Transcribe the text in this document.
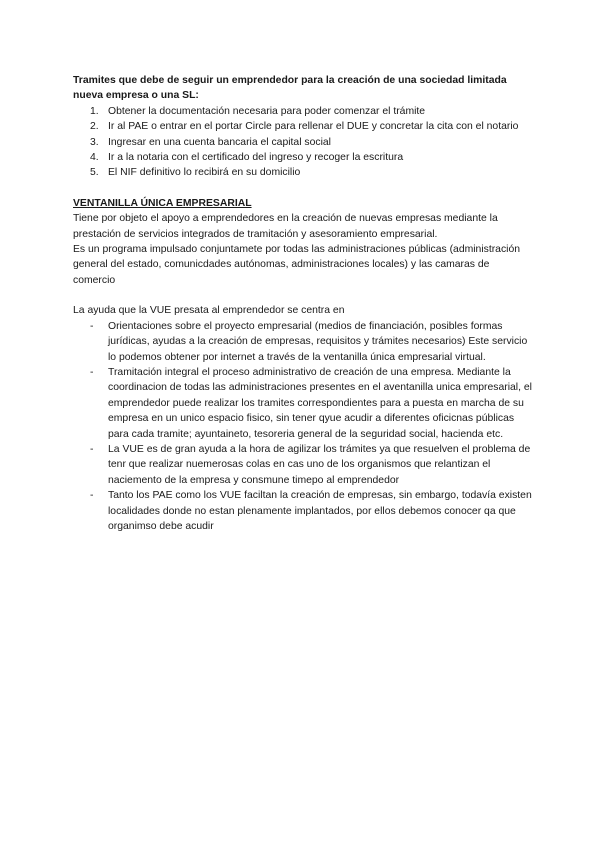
Tramites que debe de seguir un emprendedor para la creación de una sociedad limitada nueva empresa o una SL:

1. Obtener la documentación necesaria para poder comenzar el trámite
2. Ir al PAE o entrar en el portar Circle para rellenar el DUE y concretar la cita con el notario
3. Ingresar en una cuenta bancaria el capital social
4. Ir a la notaria con el certificado del ingreso y recoger la escritura
5. El NIF definitivo lo recibirá en su domicilio
VENTANILLA ÚNICA EMPRESARIAL

Tiene por objeto el apoyo a emprendedores en la creación de nuevas empresas mediante la prestación de servicios integrados de tramitación y asesoramiento empresarial.

Es un programa impulsado conjuntamete por todas las administraciones públicas (administración general del estado, comunicdades autónomas, administraciones locales) y las camaras de comercio

La ayuda que la VUE presata al emprendedor se centra en

- Orientaciones sobre el proyecto empresarial (medios de financiación, posibles formas jurídicas, ayudas a la creación de empresas, requisitos y trámites necesarios) Este servicio lo podemos obtener por internet a través de la ventanilla única empresarial virtual.
- Tramitación integral el proceso administrativo de creación de una empresa. Mediante la coordinacion de todas las administraciones presentes en el aventanilla unica empresarial, el emprendedor puede realizar los tramites correspondientes para a puesta en marcha de su empresa en un unico espacio fisico, sin tener qyue acudir a diferentes oficicnas públicas para cada tramite; ayuntaineto, tesoreria general de la seguridad social, hacienda etc.
- La VUE es de gran ayuda a la hora de agilizar los trámites ya que resuelven el problema de tenr que realizar nuemerosas colas en cas uno de los organismos que relantizan el naciemento de la empresa y consmune timepo al emprendedor
- Tanto los PAE como los VUE faciltan la creación de empresas, sin embargo, todavía existen localidades donde no estan plenamente implantados, por ellos debemos conocer qa que organimso debe acudir
